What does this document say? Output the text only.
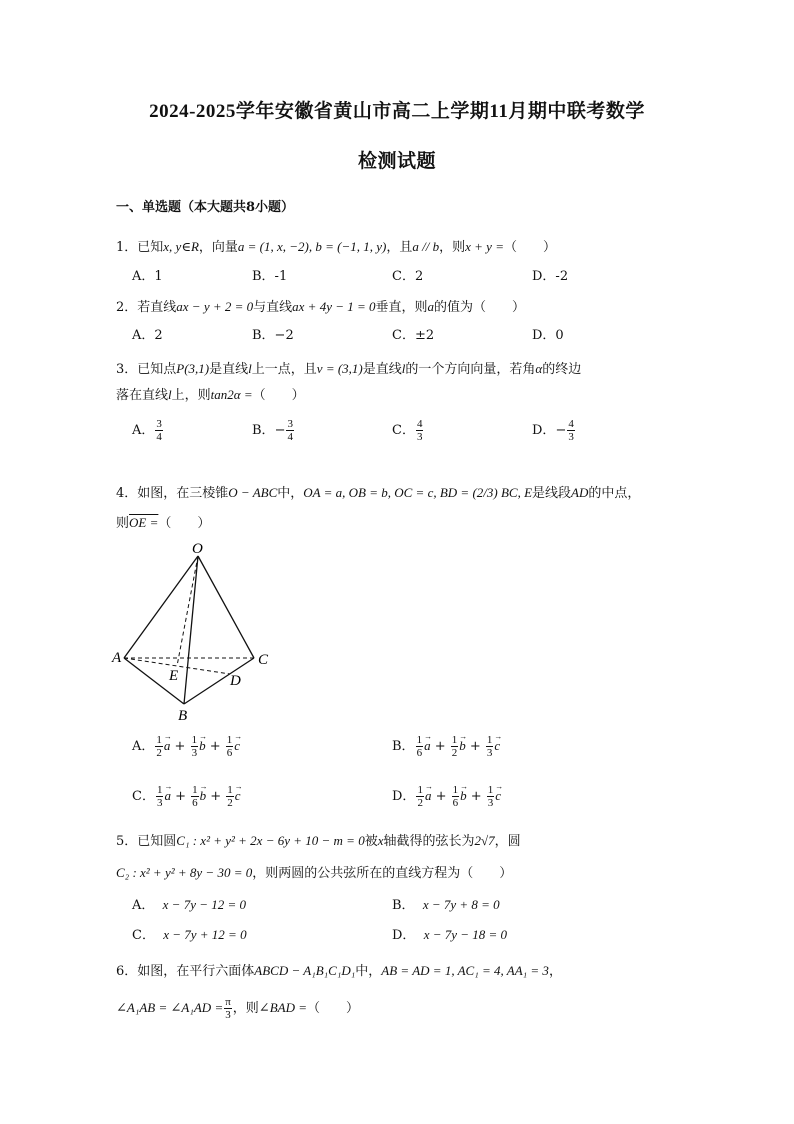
2024-2025学年安徽省黄山市高二上学期11月期中联考数学
检测试题
一、单选题（本大题共8小题）
1．已知x, y∈R，向量a = (1, x, −2), b = (−1, 1, y)，且a // b，则x + y =（　　）
A．1	B．-1	C．2	D．-2
2．若直线ax − y + 2 = 0与直线ax + 4y − 1 = 0垂直，则a的值为（　　）
A．2	B．−2	C．±2	D．0
3．已知点P(3,1)是直线l上一点，且v = (3,1)是直线l的一个方向向量，若角α的终边
落在直线l上，则tan2α =（　　）
A． $\frac{3}{4}$	B．− $\frac{3}{4}$	C． $\frac{4}{3}$	D．− $\frac{4}{3}$
4．如图，在三棱锥O − ABC中，OA = a, OB = b, OC = c, BD = (2/3) BC, E是线段AD的中点，
则OE =（　　）
O
A	C
E	D
B
A． $\frac{1}{2} \to a + \frac{1}{3} \to b + \frac{1}{6} \to c$	B． $\frac{1}{6} \to a + \frac{1}{2} \to b + \frac{1}{3} \to c$
C． $\frac{1}{3} \to a + \frac{1}{6} \to b + \frac{1}{2} \to c$	D． $\frac{1}{2} \to a + \frac{1}{6} \to b + \frac{1}{3} \to c$
5．已知圆C₁ : x² + y² + 2x − 6y + 10 − m = 0被x轴截得的弦长为2√7，圆
C₂ : x² + y² + 8y − 30 = 0，则两圆的公共弦所在的直线方程为（　　）
A． x − 7y − 12 = 0	B． x − 7y + 8 = 0
C． x − 7y + 12 = 0	D． x − 7y − 18 = 0
6．如图，在平行六面体ABCD − A₁B₁C₁D₁中，AB = AD = 1, AC₁ = 4, AA₁ = 3，
∠A₁AB = ∠A₁AD = $\frac{\pi}{3}$ ，则∠BAD =（　　）
